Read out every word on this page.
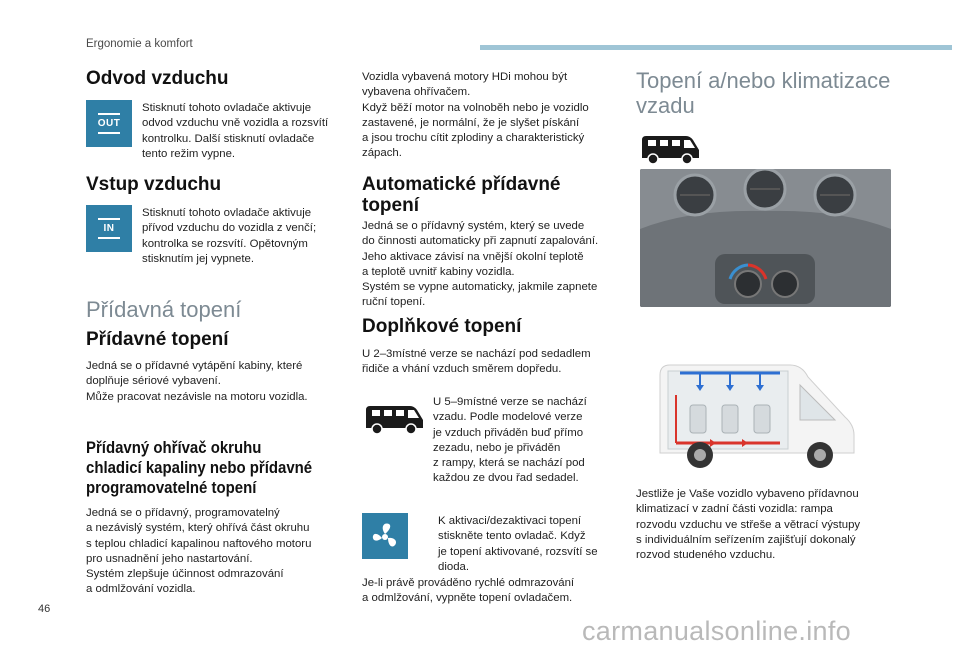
Ergonomie a komfort
Odvod vzduchu
OUT
Stisknutí tohoto ovladače aktivuje
odvod vzduchu vně vozidla a rozsvítí
kontrolku. Další stisknutí ovladače
tento režim vypne.
Vstup vzduchu
IN
Stisknutí tohoto ovladače aktivuje
přívod vzduchu do vozidla z venčí;
kontrolka se rozsvítí. Opětovným
stisknutím jej vypnete.
Přídavná topení
Přídavné topení
Jedná se o přídavné vytápění kabiny, které
doplňuje sériové vybavení.
Může pracovat nezávisle na motoru vozidla.
Přídavný ohřívač okruhu
chladicí kapaliny nebo přídavné
programovatelné topení
Jedná se o přídavný, programovatelný
a nezávislý systém, který ohřívá část okruhu
s teplou chladicí kapalinou naftového motoru
pro usnadnění jeho nastartování.
Systém zlepšuje účinnost odmrazování
a odmlžování vozidla.
Vozidla vybavená motory HDi mohou být
vybavena ohřívačem.
Když běží motor na volnoběh nebo je vozidlo
zastavené, je normální, že je slyšet pískání
a jsou trochu cítit zplodiny a charakteristický
zápach.
Automatické přídavné
topení
Jedná se o přídavný systém, který se uvede
do činnosti automaticky při zapnutí zapalování.
Jeho aktivace závisí na vnější okolní teplotě
a teplotě uvnitř kabiny vozidla.
Systém se vypne automaticky, jakmile zapnete
ruční topení.
Doplňkové topení
U 2–3místné verze se nachází pod sedadlem
řidiče a vhání vzduch směrem dopředu.
U 5–9místné verze se nachází
vzadu. Podle modelové verze
je vzduch přiváděn buď přímo
zezadu, nebo je přiváděn
z rampy, která se nachází pod
každou ze dvou řad sedadel.
K aktivaci/dezaktivaci topení
stiskněte tento ovladač. Když
je topení aktivované, rozsvítí se
dioda.
Je-li právě prováděno rychlé odmrazování
a odmlžování, vypněte topení ovladačem.
Topení a/nebo klimatizace
vzadu
Jestliže je Vaše vozidlo vybaveno přídavnou
klimatizací v zadní části vozidla: rampa
rozvodu vzduchu ve střeše a větrací výstupy
s individuálním seřízením zajišťují dokonalý
rozvod studeného vzduchu.
46
carmanualsonline.info
